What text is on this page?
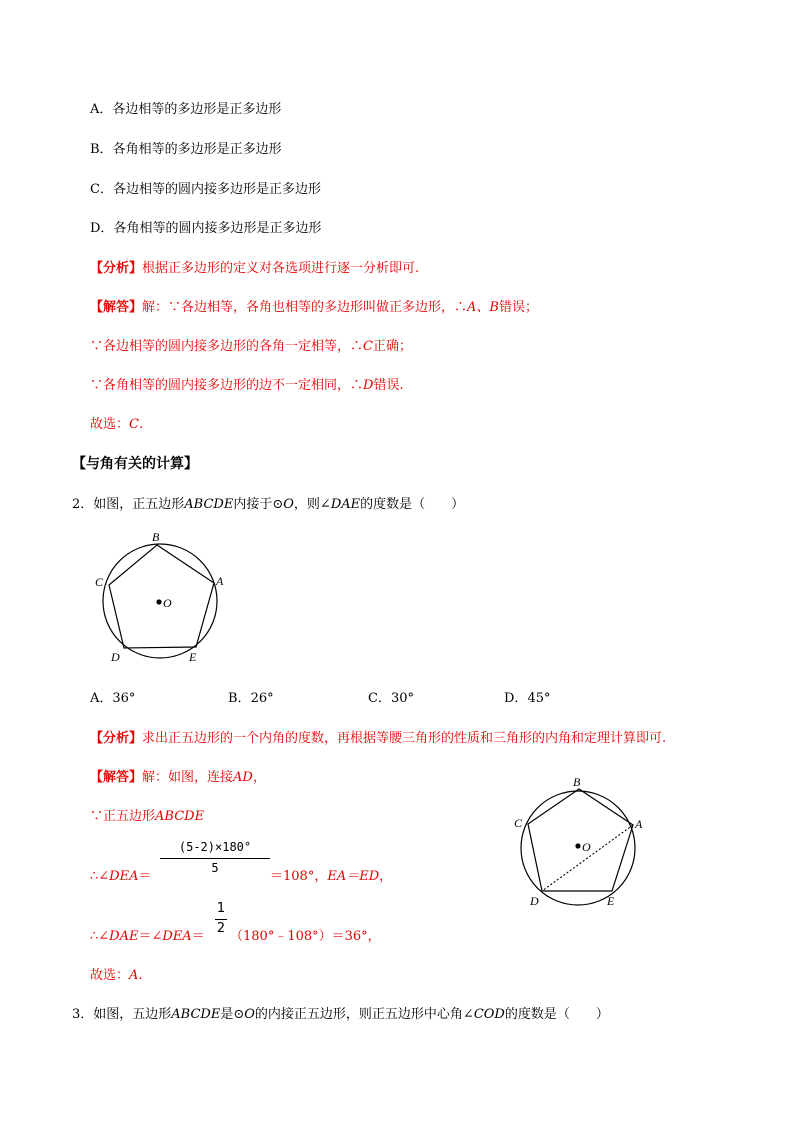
A．各边相等的多边形是正多边形
B．各角相等的多边形是正多边形
C．各边相等的圆内接多边形是正多边形
D．各角相等的圆内接多边形是正多边形
【分析】根据正多边形的定义对各选项进行逐一分析即可.
【解答】解：∵各边相等，各角也相等的多边形叫做正多边形，∴A、B错误；
∵各边相等的圆内接多边形的各角一定相等，∴C正确；
∵各角相等的圆内接多边形的边不一定相同，∴D错误.
故选：C.
【与角有关的计算】
2．如图，正五边形ABCDE内接于⊙O，则∠DAE的度数是（　　）
A
B
C
D	E
O
A．36°	B．26°	C．30°	D．45°
【分析】求出正五边形的一个内角的度数，再根据等腰三角形的性质和三角形的内角和定理计算即可.
【解答】解：如图，连接AD，
∵正五边形ABCDE
∴∠DEA＝
(5-2)×180°
5
＝108°，EA＝ED，
∴∠DAE＝∠DEA＝
1
2
（180°﹣108°）＝36°，
故选：A.
A
B
C
D	E
O
3．如图，五边形ABCDE是⊙O的内接正五边形，则正五边形中心角∠COD的度数是（　　）
